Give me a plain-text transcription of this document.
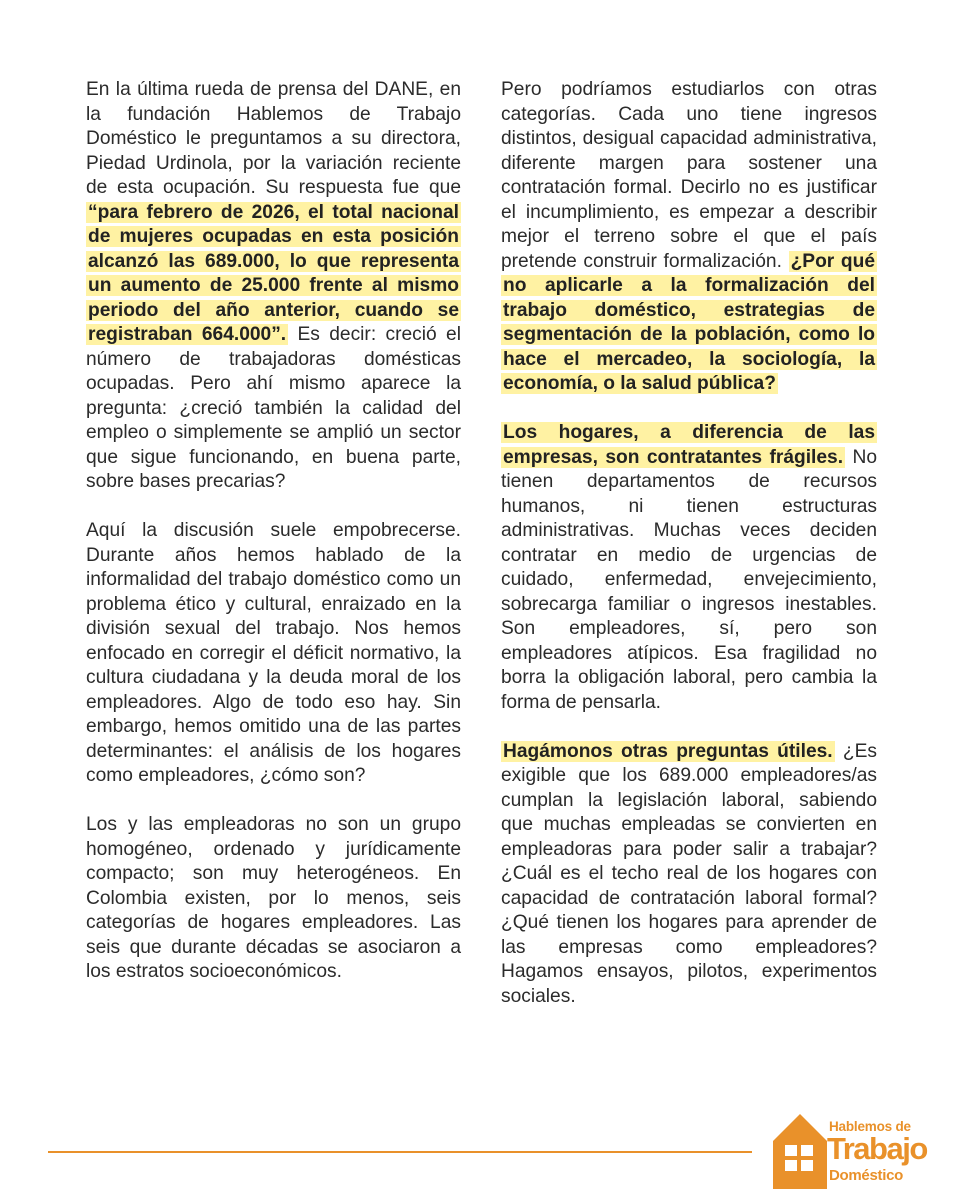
En la última rueda de prensa del DANE, en la fundación Hablemos de Trabajo Doméstico le preguntamos a su directora, Piedad Urdinola, por la variación reciente de esta ocupación. Su respuesta fue que “para febrero de 2026, el total nacional de mujeres ocupadas en esta posición alcanzó las 689.000, lo que representa un aumento de 25.000 frente al mismo periodo del año anterior, cuando se registraban 664.000”. Es decir: creció el número de trabajadoras domésticas ocupadas. Pero ahí mismo aparece la pregunta: ¿creció también la calidad del empleo o simplemente se amplió un sector que sigue funcionando, en buena parte, sobre bases precarias?

Aquí la discusión suele empobrecerse. Durante años hemos hablado de la informalidad del trabajo doméstico como un problema ético y cultural, enraizado en la división sexual del trabajo. Nos hemos enfocado en corregir el déficit normativo, la cultura ciudadana y la deuda moral de los empleadores. Algo de todo eso hay. Sin embargo, hemos omitido una de las partes determinantes: el análisis de los hogares como empleadores, ¿cómo son?

Los y las empleadoras no son un grupo homogéneo, ordenado y jurídicamente compacto; son muy heterogéneos. En Colombia existen, por lo menos, seis categorías de hogares empleadores. Las seis que durante décadas se asociaron a los estratos socioeconómicos.

Pero podríamos estudiarlos con otras categorías. Cada uno tiene ingresos distintos, desigual capacidad administrativa, diferente margen para sostener una contratación formal. Decirlo no es justificar el incumplimiento, es empezar a describir mejor el terreno sobre el que el país pretende construir formalización. ¿Por qué no aplicarle a la formalización del trabajo doméstico, estrategias de segmentación de la población, como lo hace el mercadeo, la sociología, la economía, o la salud pública?

Los hogares, a diferencia de las empresas, son contratantes frágiles. No tienen departamentos de recursos humanos, ni tienen estructuras administrativas. Muchas veces deciden contratar en medio de urgencias de cuidado, enfermedad, envejecimiento, sobrecarga familiar o ingresos inestables. Son empleadores, sí, pero son empleadores atípicos. Esa fragilidad no borra la obligación laboral, pero cambia la forma de pensarla.

Hagámonos otras preguntas útiles. ¿Es exigible que los 689.000 empleadores/as cumplan la legislación laboral, sabiendo que muchas empleadas se convierten en empleadoras para poder salir a trabajar? ¿Cuál es el techo real de los hogares con capacidad de contratación laboral formal? ¿Qué tienen los hogares para aprender de las empresas como empleadores? Hagamos ensayos, pilotos, experimentos sociales.

Hablemos de
Trabajo
Doméstico
